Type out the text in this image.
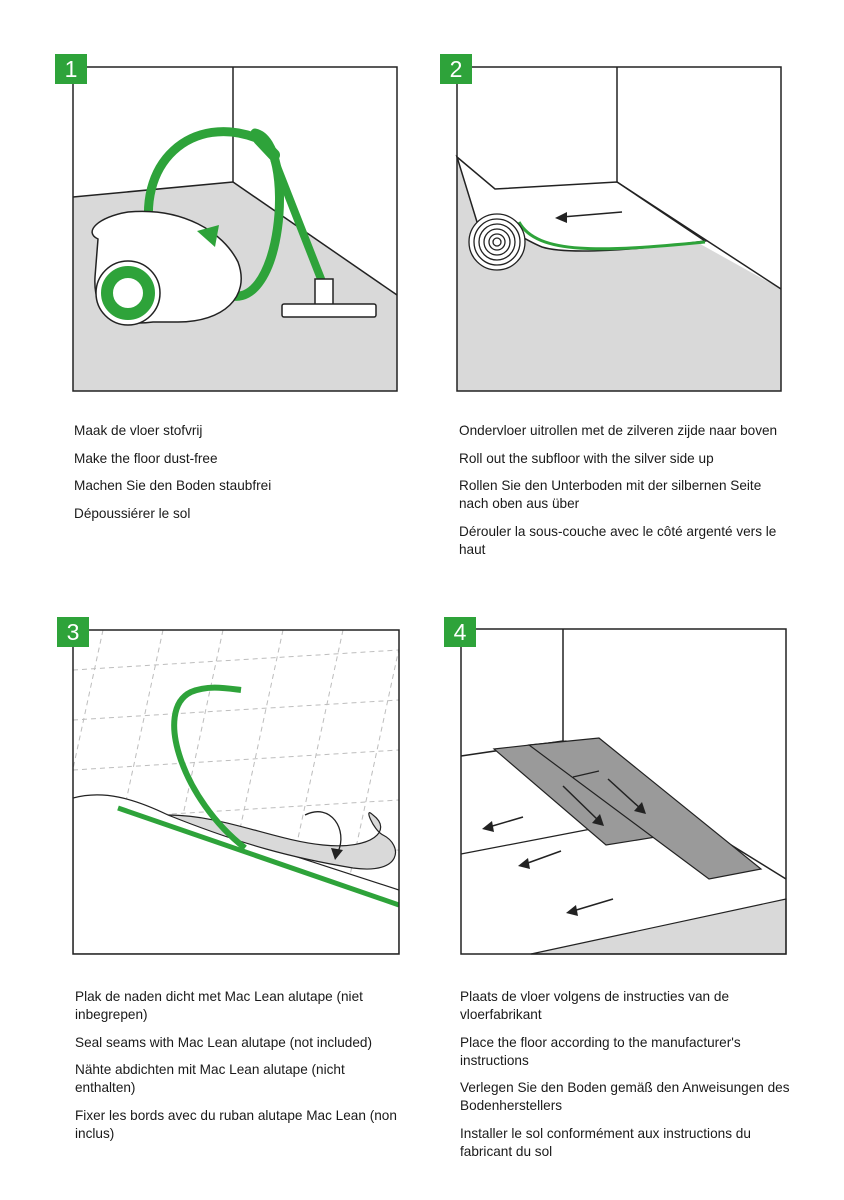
1

Maak de vloer stofvrij

Make the floor dust-free

Machen Sie den Boden staubfrei

Dépoussiérer le sol

2

Ondervloer uitrollen met de zilveren zijde naar boven

Roll out the subfloor with the silver side up

Rollen Sie den Unterboden mit der silbernen Seite nach oben aus über

Dérouler la sous-couche avec le côté argenté vers le haut

3

Plak de naden dicht met Mac Lean alutape (niet inbegrepen)

Seal seams with Mac Lean alutape (not included)

Nähte abdichten mit Mac Lean alutape (nicht enthalten)

Fixer les bords avec du ruban alutape Mac Lean (non inclus)

4

Plaats de vloer volgens de instructies van de vloerfabrikant

Place the floor according to the manufacturer's instructions

Verlegen Sie den Boden gemäß den Anweisungen des Bodenherstellers

Installer le sol conformément aux instructions du fabricant du sol
